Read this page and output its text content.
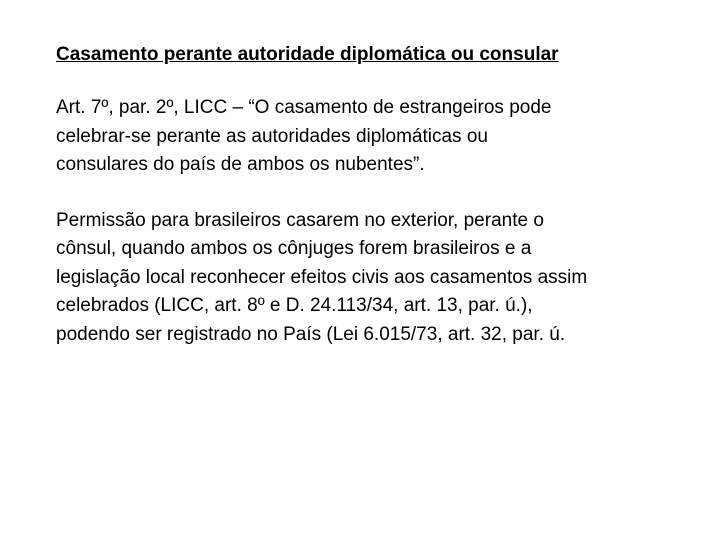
Casamento perante autoridade diplomática ou consular

Art. 7º, par. 2º, LICC – “O casamento de estrangeiros pode
celebrar-se perante as autoridades diplomáticas ou
consulares do país de ambos os nubentes”.

Permissão para brasileiros casarem no exterior, perante o
cônsul, quando ambos os cônjuges forem brasileiros e a
legislação local reconhecer efeitos civis aos casamentos assim
celebrados (LICC, art. 8º e D. 24.113/34, art. 13, par. ú.),
podendo ser registrado no País (Lei 6.015/73, art. 32, par. ú.
